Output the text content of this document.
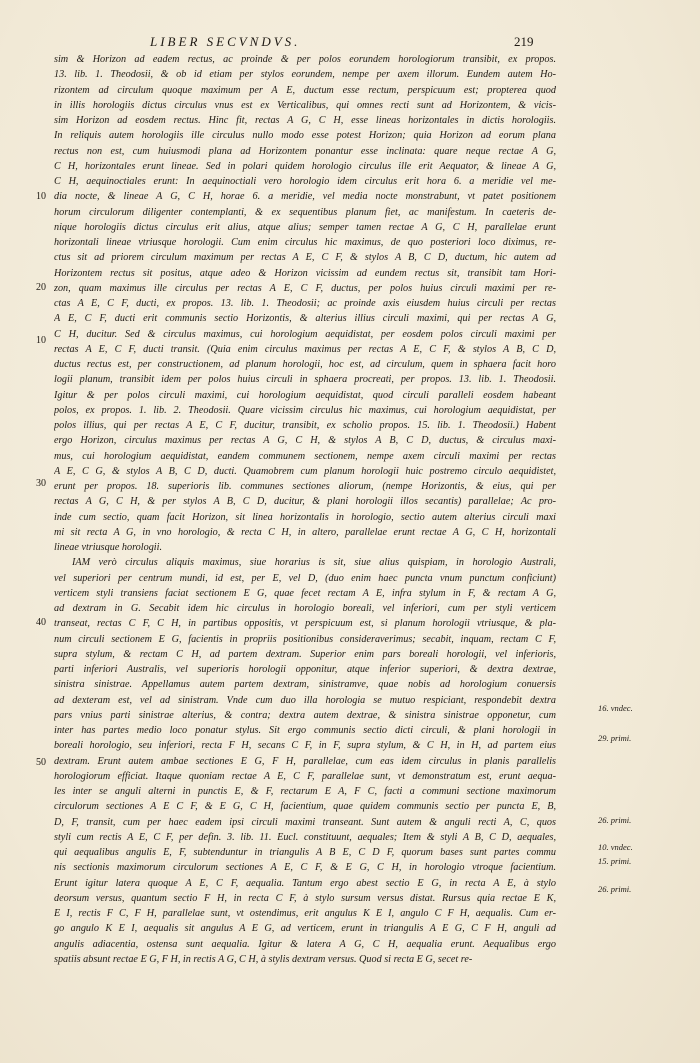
LIBER SECVNDVS.	219
sim & Horizon ad eadem rectus, ac proinde & per polos eorundem horologiorum transibit, ex propos.
13. lib. 1. Theodosii, & ob id etiam per stylos eorundem, nempe per axem illorum. Eundem autem Ho-
rizontem ad circulum quoque maximum per A E, ductum esse rectum, perspicuum est; propterea quod
in illis horologiis dictus circulus vnus est ex Verticalibus, qui omnes recti sunt ad Horizontem, & vicis-
sim Horizon ad eosdem rectus. Hinc fit, rectas A G, C H, esse lineas horizontales in dictis horologiis.
In reliquis autem horologiis ille circulus nullo modo esse potest Horizon; quia Horizon ad eorum plana
rectus non est, cum huiusmodi plana ad Horizontem ponantur esse inclinata: quare neque rectae A G,
C H, horizontales erunt lineae. Sed in polari quidem horologio circulus ille erit Aequator, & lineae A G,
C H, aequinoctiales erunt: In aequinoctiali vero horologio idem circulus erit hora 6. a meridie vel me-
dia nocte, & lineae A G, C H, horae 6. a meridie, vel media nocte monstrabunt, vt patet positionem
horum circulorum diligenter contemplanti, & ex sequentibus planum fiet, ac manifestum. In caeteris de-
nique horologiis dictus circulus erit alius, atque alius; semper tamen rectae A G, C H, parallelae erunt
horizontali lineae vtriusque horologii. Cum enim circulus hic maximus, de quo posteriori loco diximus, re-
ctus sit ad priorem circulum maximum per rectas A E, C F, & stylos A B, C D, ductum, hic autem ad
Horizontem rectus sit positus, atque adeo & Horizon vicissim ad eundem rectus sit, transibit tam Hori-
zon, quam maximus ille circulus per rectas A E, C F, ductus, per polos huius circuli maximi per re-
ctas A E, C F, ducti, ex propos. 13. lib. 1. Theodosii; ac proinde axis eiusdem huius circuli per rectas
A E, C F, ducti erit communis sectio Horizontis, & alterius illius circuli maximi, qui per rectas A G,
C H, ducitur. Sed & circulus maximus, cui horologium aequidistat, per eosdem polos circuli maximi per
rectas A E, C F, ducti transit. (Quia enim circulus maximus per rectas A E, C F, & stylos A B, C D,
ductus rectus est, per constructionem, ad planum horologii, hoc est, ad circulum, quem in sphaera facit horo
logii planum, transibit idem per polos huius circuli in sphaera procreati, per propos. 13. lib. 1. Theodosii.
Igitur & per polos circuli maximi, cui horologium aequidistat, quod circuli paralleli eosdem habeant
polos, ex propos. 1. lib. 2. Theodosii. Quare vicissim circulus hic maximus, cui horologium aequidistat, per
polos illius, qui per rectas A E, C F, ducitur, transibit, ex scholio propos. 15. lib. 1. Theodosii.) Habent
ergo Horizon, circulus maximus per rectas A G, C H, & stylos A B, C D, ductus, & circulus maxi-
mus, cui horologium aequidistat, eandem communem sectionem, nempe axem circuli maximi per rectas
A E, C G, & stylos A B, C D, ducti. Quamobrem cum planum horologii huic postremo circulo aequidistet,
erunt per propos. 18. superioris lib. communes sectiones aliorum, (nempe Horizontis, & eius, qui per
rectas A G, C H, & per stylos A B, C D, ducitur, & plani horologii illos secantis) parallelae; Ac pro-
inde cum sectio, quam facit Horizon, sit linea horizontalis in horologio, sectio autem alterius circuli maxi
mi sit recta A G, in vno horologio, & recta C H, in altero, parallelae erunt rectae A G, C H, horizontali
lineae vtriusque horologii.
IAM verò circulus aliquis maximus, siue horarius is sit, siue alius quispiam, in horologio Australi,
vel superiori per centrum mundi, id est, per E, vel D, (duo enim haec puncta vnum punctum conficiunt)
verticem styli transiens faciat sectionem E G, quae fecet rectam A E, infra stylum in F, & rectam A G,
ad dextram in G. Secabit idem hic circulus in horologio boreali, vel inferiori, cum per styli verticem
transeat, rectas C F, C H, in partibus oppositis, vt perspicuum est, si planum horologii vtriusque, & pla-
num circuli sectionem E G, facientis in propriis positionibus consideraverimus; secabit, inquam, rectam C F,
supra stylum, & rectam C H, ad partem dextram. Superior enim pars boreali horologii, vel inferioris,
parti inferiori Australis, vel superioris horologii opponitur, atque inferior superiori, & dextra dextrae,
sinistra sinistrae. Appellamus autem partem dextram, sinistramve, quae nobis ad horologium conuersis
ad dexteram est, vel ad sinistram. Vnde cum duo illa horologia se mutuo respiciant, respondebit dextra
pars vnius parti sinistrae alterius, & contra; dextra autem dextrae, & sinistra sinistrae opponetur, cum
inter has partes medio loco ponatur stylus. Sit ergo communis sectio dicti circuli, & plani horologii in
boreali horologio, seu inferiori, recta F H, secans C F, in F, supra stylum, & C H, in H, ad partem eius
dextram. Erunt autem ambae sectiones E G, F H, parallelae, cum eas idem circulus in planis parallelis
horologiorum efficiat. Itaque quoniam rectae A E, C F, parallelae sunt, vt demonstratum est, erunt aequa-
les inter se anguli alterni in punctis E, & F, rectarum E A, F C, facti a communi sectione maximorum
circulorum sectiones A E C F, & E G, C H, facientium, quae quidem communis sectio per puncta E, B,
D, F, transit, cum per haec eadem ipsi circuli maximi transeant. Sunt autem & anguli recti A, C, quos
styli cum rectis A E, C F, per defin. 3. lib. 11. Eucl. constituunt, aequales; Item & styli A B, C D, aequales,
qui aequalibus angulis E, F, subtenduntur in triangulis A B E, C D F, quorum bases sunt partes commu
nis sectionis maximorum circulorum sectiones A E, C F, & E G, C H, in horologio vtroque facientium.
Erunt igitur latera quoque A E, C F, aequalia. Tantum ergo abest sectio E G, in recta A E, à stylo
deorsum versus, quantum sectio F H, in recta C F, à stylo sursum versus distat. Rursus quia rectae E K,
E I, rectis F C, F H, parallelae sunt, vt ostendimus, erit angulus K E I, angulo C F H, aequalis. Cum er-
go angulo K E I, aequalis sit angulus A E G, ad verticem, erunt in triangulis A E G, C F H, anguli ad
angulis adiacentia, ostensa sunt aequalia. Igitur & latera A G, C H, aequalia erunt. Aequalibus ergo
spatiis absunt rectae E G, F H, in rectis A G, C H, à stylis dextram versus. Quod si recta E G, secet re-
10
20
10
30
40
50
16. vndec.
29. primi.
26. primi.
10. vndec.
15. primi.
26. primi.
